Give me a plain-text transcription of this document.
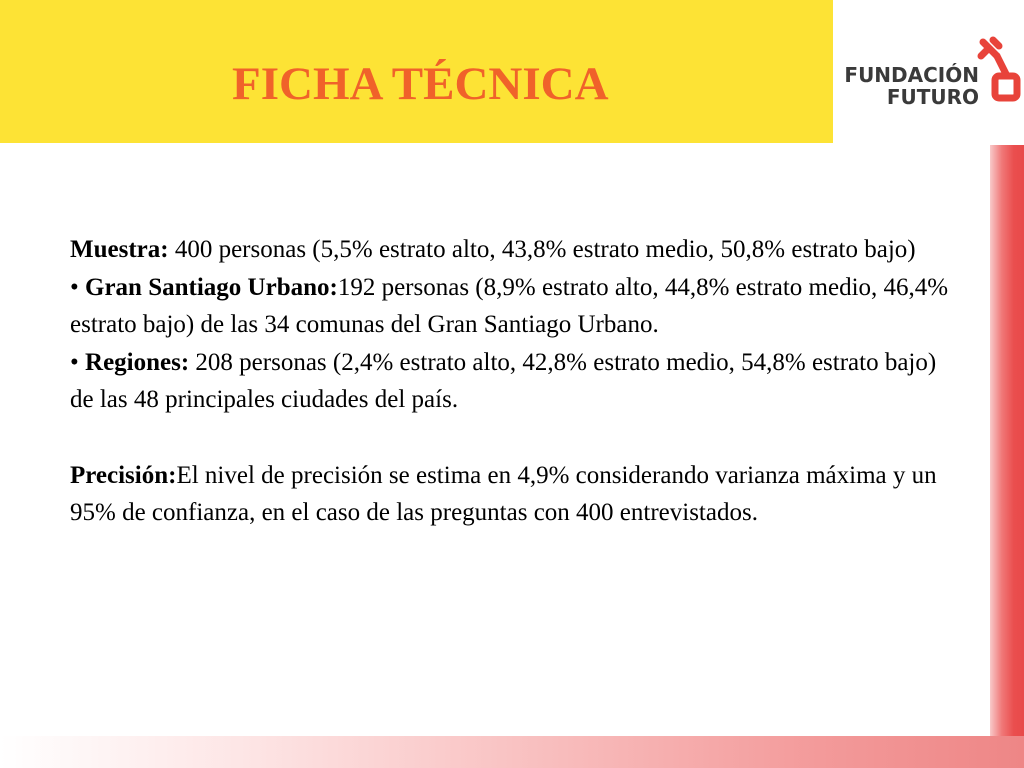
FICHA TÉCNICA	FUNDACIÓN
FUTURO

Muestra: 400 personas (5,5% estrato alto, 43,8% estrato medio, 50,8% estrato bajo)

• Gran Santiago Urbano:192 personas (8,9% estrato alto, 44,8% estrato medio, 46,4% estrato bajo) de las 34 comunas del Gran Santiago Urbano.

• Regiones: 208 personas (2,4% estrato alto, 42,8% estrato medio, 54,8% estrato bajo) de las 48 principales ciudades del país.

Precisión:El nivel de precisión se estima en 4,9% considerando varianza máxima y un 95% de confianza, en el caso de las preguntas con 400 entrevistados.
